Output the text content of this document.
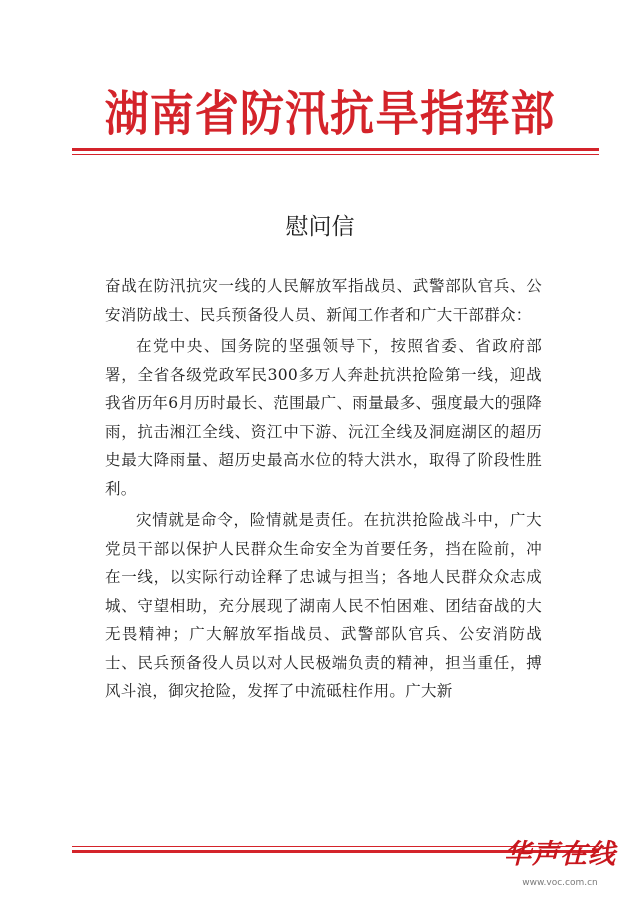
湖南省防汛抗旱指挥部
慰问信

奋战在防汛抗灾一线的人民解放军指战员、武警部队官兵、公安消防战士、民兵预备役人员、新闻工作者和广大干部群众：

在党中央、国务院的坚强领导下，按照省委、省政府部署，全省各级党政军民300多万人奔赴抗洪抢险第一线，迎战我省历年6月历时最长、范围最广、雨量最多、强度最大的强降雨，抗击湘江全线、资江中下游、沅江全线及洞庭湖区的超历史最大降雨量、超历史最高水位的特大洪水，取得了阶段性胜利。

灾情就是命令，险情就是责任。在抗洪抢险战斗中，广大党员干部以保护人民群众生命安全为首要任务，挡在险前，冲在一线，以实际行动诠释了忠诚与担当；各地人民群众众志成城、守望相助，充分展现了湖南人民不怕困难、团结奋战的大无畏精神；广大解放军指战员、武警部队官兵、公安消防战士、民兵预备役人员以对人民极端负责的精神，担当重任，搏风斗浪，御灾抢险，发挥了中流砥柱作用。广大新

华声在线
www.voc.com.cn
